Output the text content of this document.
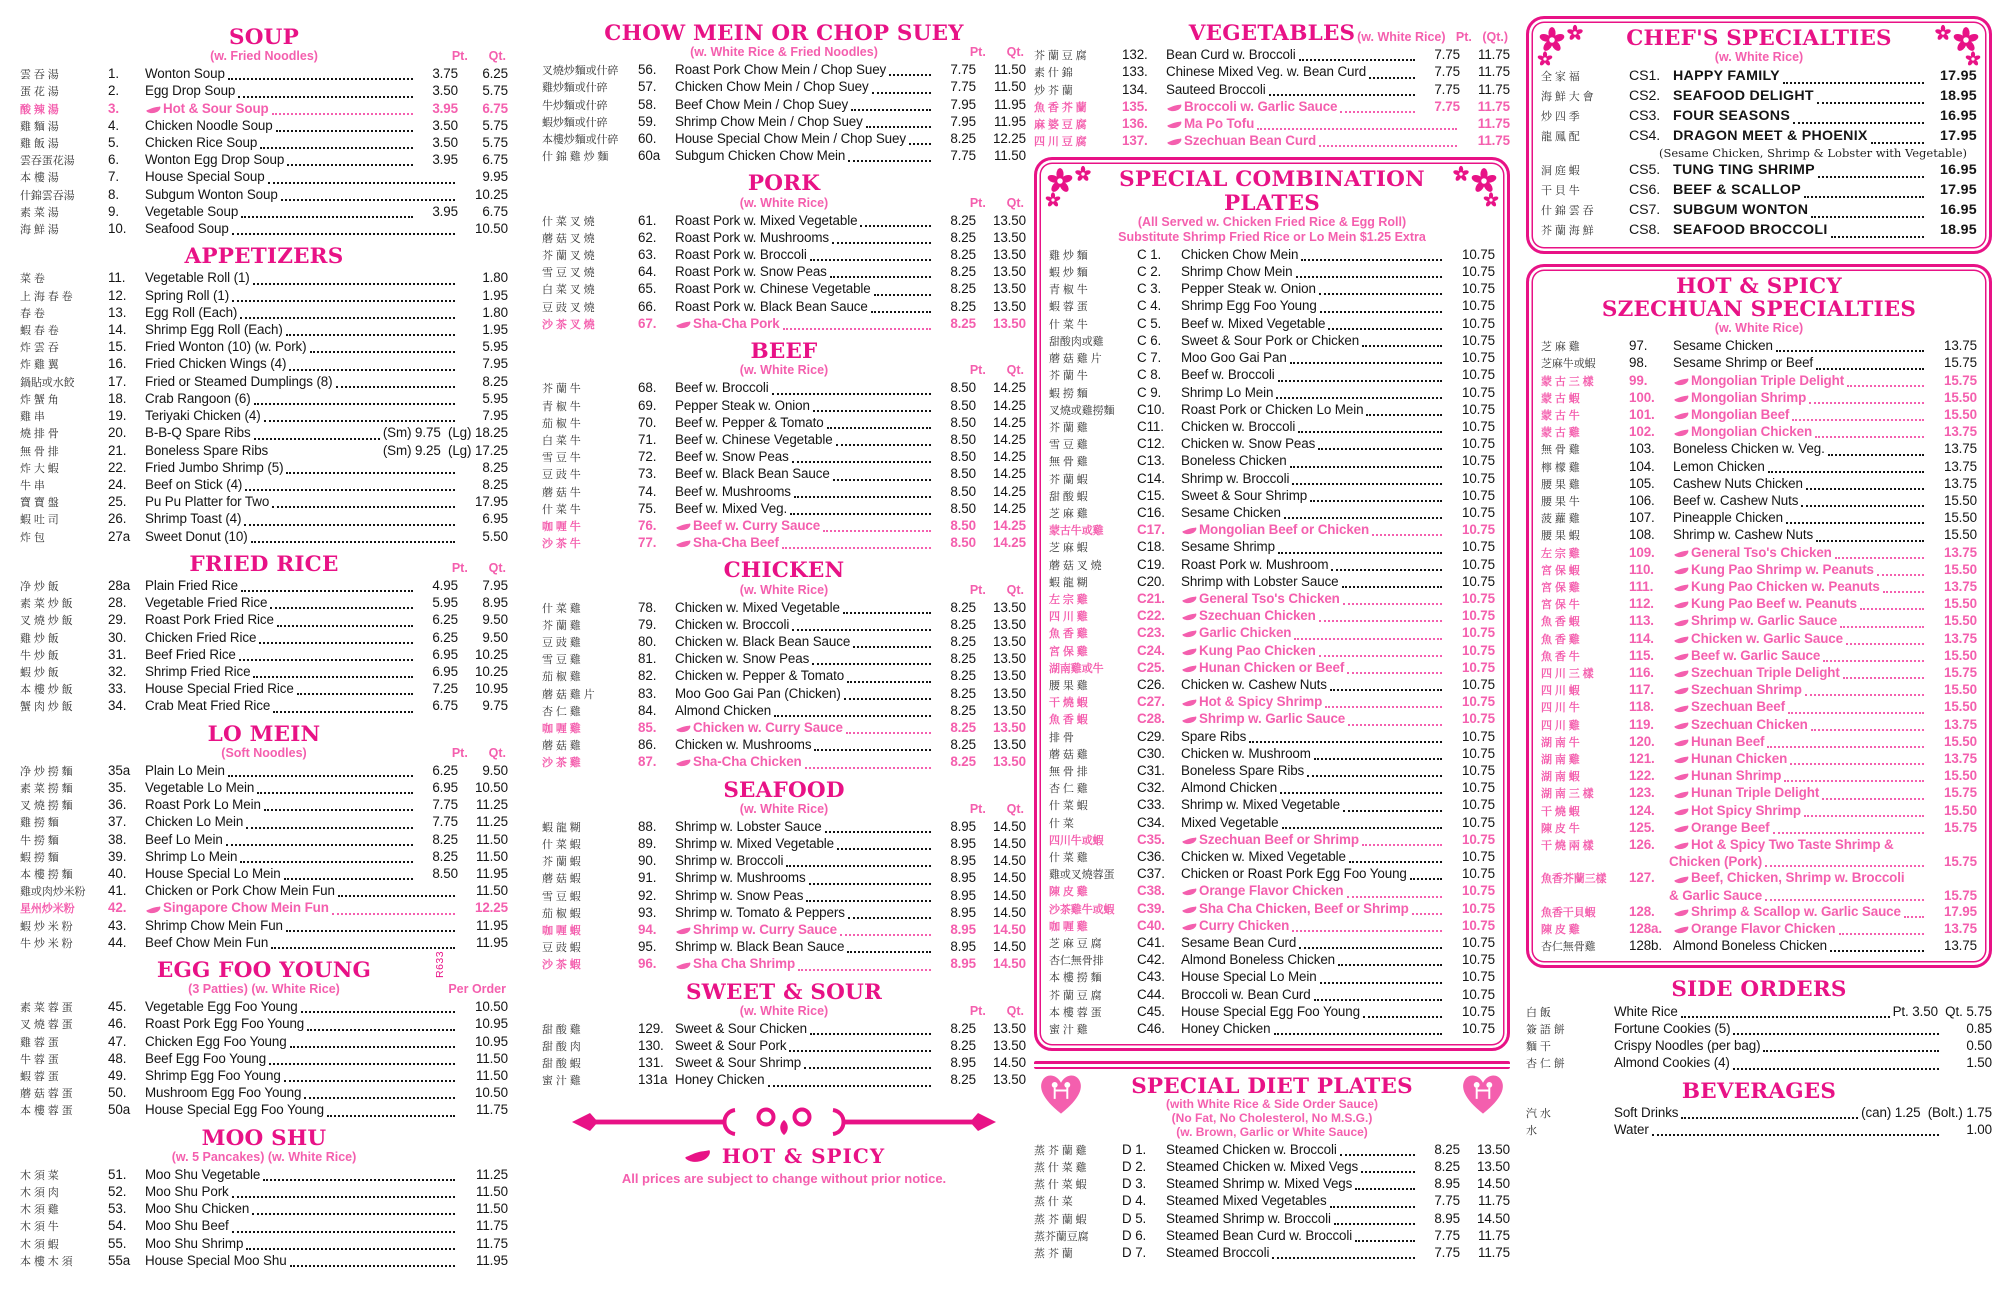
SOUP
(w. Fried Noodles)	Pt.      Qt.
雲 吞 湯	1.	Wonton Soup	3.75	6.25
蛋 花 湯	2.	Egg Drop Soup	3.50	5.75
酸 辣 湯	3.	Hot & Sour Soup	3.95	6.75
雞 麵 湯	4.	Chicken Noodle Soup	3.50	5.75
雞 飯 湯	5.	Chicken Rice Soup	3.50	5.75
雲吞蛋花湯	6.	Wonton Egg Drop Soup	3.95	6.75
本 樓 湯	7.	House Special Soup	9.95
什錦雲吞湯	8.	Subgum Wonton Soup	10.25
素 菜 湯	9.	Vegetable Soup	3.95	6.75
海 鮮 湯	10.	Seafood Soup	10.50
APPETIZERS
菜 卷	11.	Vegetable Roll (1)	1.80
上 海 春 卷	12.	Spring Roll (1)	1.95
春 卷	13.	Egg Roll (Each)	1.80
蝦 春 卷	14.	Shrimp Egg Roll (Each)	1.95
炸 雲 吞	15.	Fried Wonton (10) (w. Pork)	5.95
炸 雞 翼	16.	Fried Chicken Wings (4)	7.95
鍋貼或水餃	17.	Fried or Steamed Dumplings (8)	8.25
炸 蟹 角	18.	Crab Rangoon (6)	5.95
雞 串	19.	Teriyaki Chicken (4)	7.95
燒 排 骨	20.	B-B-Q Spare Ribs	(Sm) 9.75  (Lg) 18.25
無 骨 排	21.	Boneless Spare Ribs	(Sm) 9.25  (Lg) 17.25
炸 大 蝦	22.	Fried Jumbo Shrimp (5)	8.25
牛 串	24.	Beef on Stick (4)	8.25
寶 寶 盤	25.	Pu Pu Platter for Two	17.95
蝦 吐 司	26.	Shrimp Toast (4)	6.95
炸 包	27a	Sweet Donut (10)	5.50
FRIED RICE	Pt.      Qt.
净 炒 飯	28a	Plain Fried Rice	4.95	7.95
素 菜 炒 飯	28.	Vegetable Fried Rice	5.95	8.95
叉 燒 炒 飯	29.	Roast Pork Fried Rice	6.25	9.50
雞 炒 飯	30.	Chicken Fried Rice	6.25	9.50
牛 炒 飯	31.	Beef Fried Rice	6.95	10.25
蝦 炒 飯	32.	Shrimp Fried Rice	6.95	10.25
本 樓 炒 飯	33.	House Special Fried Rice	7.25	10.95
蟹 肉 炒 飯	34.	Crab Meat Fried Rice	6.75	9.75
LO MEIN
(Soft Noodles)	Pt.      Qt.
净 炒 撈 麵	35a	Plain Lo Mein	6.25	9.50
素 菜 撈 麵	35.	Vegetable Lo Mein	6.95	10.50
叉 燒 撈 麵	36.	Roast Pork Lo Mein	7.75	11.25
雞 撈 麵	37.	Chicken Lo Mein	7.75	11.25
牛 撈 麵	38.	Beef Lo Mein	8.25	11.50
蝦 撈 麵	39.	Shrimp Lo Mein	8.25	11.50
本 樓 撈 麵	40.	House Special Lo Mein	8.50	11.95
雞或肉炒米粉	41.	Chicken or Pork Chow Mein Fun	11.50
星州炒米粉	42.	Singapore Chow Mein Fun	12.25
蝦 炒 米 粉	43.	Shrimp Chow Mein Fun	11.95
牛 炒 米 粉	44.	Beef Chow Mein Fun	11.95
EGG FOO YOUNG
(3 Patties) (w. White Rice)	Per Order
素 菜 蓉 蛋	45.	Vegetable Egg Foo Young	10.50
叉 燒 蓉 蛋	46.	Roast Pork Egg Foo Young	10.95
雞 蓉 蛋	47.	Chicken Egg Foo Young	10.95
牛 蓉 蛋	48.	Beef Egg Foo Young	11.50
蝦 蓉 蛋	49.	Shrimp Egg Foo Young	11.50
蘑 菇 蓉 蛋	50.	Mushroom Egg Foo Young	10.50
本 樓 蓉 蛋	50a	House Special Egg Foo Young	11.75
MOO SHU
(w. 5 Pancakes) (w. White Rice)
木 須 菜	51.	Moo Shu Vegetable	11.25
木 須 肉	52.	Moo Shu Pork	11.50
木 須 雞	53.	Moo Shu Chicken	11.50
木 須 牛	54.	Moo Shu Beef	11.75
木 須 蝦	55.	Moo Shu Shrimp	11.75
本 樓 木 須	55a	House Special Moo Shu	11.95
CHOW MEIN OR CHOP SUEY
(w. White Rice & Fried Noodles)	Pt.      Qt.
叉燒炒麵或什碎	56.	Roast Pork Chow Mein / Chop Suey	7.75	11.50
雞炒麵或什碎	57.	Chicken Chow Mein / Chop Suey	7.75	11.50
牛炒麵或什碎	58.	Beef Chow Mein / Chop Suey	7.95	11.95
蝦炒麵或什碎	59.	Shrimp Chow Mein / Chop Suey	7.95	11.95
本樓炒麵或什碎	60.	House Special Chow Mein / Chop Suey	8.25	12.25
什 錦 雞 炒 麵	60a	Subgum Chicken Chow Mein	7.75	11.50
PORK
(w. White Rice)	Pt.      Qt.
什 菜 叉 燒	61.	Roast Pork w. Mixed Vegetable	8.25	13.50
蘑 菇 叉 燒	62.	Roast Pork w. Mushrooms	8.25	13.50
芥 蘭 叉 燒	63.	Roast Pork w. Broccoli	8.25	13.50
雪 豆 叉 燒	64.	Roast Pork w. Snow Peas	8.25	13.50
白 菜 叉 燒	65.	Roast Pork w. Chinese Vegetable	8.25	13.50
豆 豉 叉 燒	66.	Roast Pork w. Black Bean Sauce	8.25	13.50
沙 茶 叉 燒	67.	Sha-Cha Pork	8.25	13.50
BEEF
(w. White Rice)	Pt.      Qt.
芥 蘭 牛	68.	Beef w. Broccoli	8.50	14.25
青 椒 牛	69.	Pepper Steak w. Onion	8.50	14.25
茄 椒 牛	70.	Beef w. Pepper & Tomato	8.50	14.25
白 菜 牛	71.	Beef w. Chinese Vegetable	8.50	14.25
雪 豆 牛	72.	Beef w. Snow Peas	8.50	14.25
豆 豉 牛	73.	Beef w. Black Bean Sauce	8.50	14.25
蘑 菇 牛	74.	Beef w. Mushrooms	8.50	14.25
什 菜 牛	75.	Beef w. Mixed Veg.	8.50	14.25
咖 喱 牛	76.	Beef w. Curry Sauce	8.50	14.25
沙 茶 牛	77.	Sha-Cha Beef	8.50	14.25
CHICKEN
(w. White Rice)	Pt.      Qt.
什 菜 雞	78.	Chicken w. Mixed Vegetable	8.25	13.50
芥 蘭 雞	79.	Chicken w. Broccoli	8.25	13.50
豆 豉 雞	80.	Chicken w. Black Bean Sauce	8.25	13.50
雪 豆 雞	81.	Chicken w. Snow Peas	8.25	13.50
茄 椒 雞	82.	Chicken w. Pepper & Tomato	8.25	13.50
蘑 菇 雞 片	83.	Moo Goo Gai Pan (Chicken)	8.25	13.50
杏 仁 雞	84.	Almond Chicken	8.25	13.50
咖 喱 雞	85.	Chicken w. Curry Sauce	8.25	13.50
蘑 菇 雞	86.	Chicken w. Mushrooms	8.25	13.50
沙 茶 雞	87.	Sha-Cha Chicken	8.25	13.50
SEAFOOD
(w. White Rice)	Pt.      Qt.
蝦 龍 糊	88.	Shrimp w. Lobster Sauce	8.95	14.50
什 菜 蝦	89.	Shrimp w. Mixed Vegetable	8.95	14.50
芥 蘭 蝦	90.	Shrimp w. Broccoli	8.95	14.50
蘑 菇 蝦	91.	Shrimp w. Mushrooms	8.95	14.50
雪 豆 蝦	92.	Shrimp w. Snow Peas	8.95	14.50
茄 椒 蝦	93.	Shrimp w. Tomato & Peppers	8.95	14.50
咖 喱 蝦	94.	Shrimp w. Curry Sauce	8.95	14.50
豆 豉 蝦	95.	Shrimp w. Black Bean Sauce	8.95	14.50
沙 茶 蝦	96.	Sha Cha Shrimp	8.95	14.50
SWEET & SOUR
(w. White Rice)	Pt.      Qt.
甜 酸 雞	129. Sweet & Sour Chicken	8.25	13.50
甜 酸 肉	130. Sweet & Sour Pork	8.25	13.50
甜 酸 蝦	131. Sweet & Sour Shrimp	8.95	14.50
蜜 汁 雞	131a Honey Chicken	8.25	13.50
HOT & SPICY
All prices are subject to change without prior notice.
VEGETABLES (w. White Rice)   Pt.   (Qt.)
芥 蘭 豆 腐	132.	Bean Curd w. Broccoli	7.75	11.75
素 什 錦	133.	Chinese Mixed Veg. w. Bean Curd	7.75	11.75
炒 芥 蘭	134.	Sauteed Broccoli	7.75	11.75
魚 香 芥 蘭	135.	Broccoli w. Garlic Sauce	7.75	11.75
麻 婆 豆 腐	136.	Ma Po Tofu	11.75
四 川 豆 腐	137.	Szechuan Bean Curd	11.75
SPECIAL COMBINATION
PLATES
(All Served w. Chicken Fried Rice & Egg Roll)
Substitute Shrimp Fried Rice or Lo Mein $1.25 Extra
雞 炒 麵	C 1.	Chicken Chow Mein	10.75
蝦 炒 麵	C 2.	Shrimp Chow Mein	10.75
青 椒 牛	C 3.	Pepper Steak w. Onion	10.75
蝦 蓉 蛋	C 4.	Shrimp Egg Foo Young	10.75
什 菜 牛	C 5.	Beef w. Mixed Vegetable	10.75
甜酸肉或雞	C 6.	Sweet & Sour Pork or Chicken	10.75
蘑 菇 雞 片	C 7.	Moo Goo Gai Pan	10.75
芥 蘭 牛	C 8.	Beef w. Broccoli	10.75
蝦 撈 麵	C 9.	Shrimp Lo Mein	10.75
叉燒或雞撈麵	C10.	Roast Pork or Chicken Lo Mein	10.75
芥 蘭 雞	C11.	Chicken w. Broccoli	10.75
雪 豆 雞	C12.	Chicken w. Snow Peas	10.75
無 骨 雞	C13.	Boneless Chicken	10.75
芥 蘭 蝦	C14.	Shrimp w. Broccoli	10.75
甜 酸 蝦	C15.	Sweet & Sour Shrimp	10.75
芝 麻 雞	C16.	Sesame Chicken	10.75
蒙古牛或雞	C17.	Mongolian Beef or Chicken	10.75
芝 麻 蝦	C18.	Sesame Shrimp	10.75
蘑 菇 叉 燒	C19.	Roast Pork w. Mushroom	10.75
蝦 龍 糊	C20.	Shrimp with Lobster Sauce	10.75
左 宗 雞	C21.	General Tso's Chicken	10.75
四 川 雞	C22.	Szechuan Chicken	10.75
魚 香 雞	C23.	Garlic Chicken	10.75
宮 保 雞	C24.	Kung Pao Chicken	10.75
湖南雞或牛	C25.	Hunan Chicken or Beef	10.75
腰 果 雞	C26.	Chicken w. Cashew Nuts	10.75
干 燒 蝦	C27.	Hot & Spicy Shrimp	10.75
魚 香 蝦	C28.	Shrimp w. Garlic Sauce	10.75
排 骨	C29.	Spare Ribs	10.75
蘑 菇 雞	C30.	Chicken w. Mushroom	10.75
無 骨 排	C31.	Boneless Spare Ribs	10.75
杏 仁 雞	C32.	Almond Chicken	10.75
什 菜 蝦	C33.	Shrimp w. Mixed Vegetable	10.75
什 菜	C34.	Mixed Vegetable	10.75
四川牛或蝦	C35.	Szechuan Beef or Shrimp	10.75
什 菜 雞	C36.	Chicken w. Mixed Vegetable	10.75
雞或叉燒蓉蛋	C37.	Chicken or Roast Pork Egg Foo Young	10.75
陳 皮 雞	C38.	Orange Flavor Chicken	10.75
沙茶雞牛或蝦	C39.	Sha Cha Chicken, Beef or Shrimp	10.75
咖 喱 雞	C40.	Curry Chicken	10.75
芝 麻 豆 腐	C41.	Sesame Bean Curd	10.75
杏仁無骨排	C42.	Almond Boneless Chicken	10.75
本 樓 撈 麵	C43.	House Special Lo Mein	10.75
芥 蘭 豆 腐	C44.	Broccoli w. Bean Curd	10.75
本 樓 蓉 蛋	C45.	House Special Egg Foo Young	10.75
蜜 汁 雞	C46.	Honey Chicken	10.75
SPECIAL DIET PLATES
(with White Rice & Side Order Sauce)
(No Fat, No Cholesterol, No M.S.G.)
(w. Brown, Garlic or White Sauce)
蒸 芥 蘭 雞	D 1.	Steamed Chicken w. Broccoli	8.25	13.50
蒸 什 菜 雞	D 2.	Steamed Chicken w. Mixed Vegs	8.25	13.50
蒸 什 菜 蝦	D 3.	Steamed Shrimp w. Mixed Vegs	8.95	14.50
蒸 什 菜	D 4.	Steamed Mixed Vegetables	7.75	11.75
蒸 芥 蘭 蝦	D 5.	Steamed Shrimp w. Broccoli	8.95	14.50
蒸芥蘭豆腐	D 6.	Steamed Bean Curd w. Broccoli	7.75	11.75
蒸 芥 蘭	D 7.	Steamed Broccoli	7.75	11.75
CHEF'S SPECIALTIES
(w. White Rice)
全 家 福	CS1. HAPPY FAMILY	17.95
海 鮮 大 會	CS2. SEAFOOD DELIGHT	18.95
炒 四 季	CS3. FOUR SEASONS	16.95
龍 鳳 配	CS4. DRAGON MEET & PHOENIX	17.95
(Sesame Chicken, Shrimp & Lobster with Vegetable)
洞 庭 蝦	CS5. TUNG TING SHRIMP	16.95
干 貝 牛	CS6. BEEF & SCALLOP	17.95
什 錦 雲 吞	CS7. SUBGUM WONTON	16.95
芥 蘭 海 鮮	CS8. SEAFOOD BROCCOLI	18.95
HOT & SPICY
SZECHUAN SPECIALTIES
(w. White Rice)
芝 麻 雞	97.	Sesame Chicken	13.75
芝麻牛或蝦	98.	Sesame Shrimp or Beef	15.75
蒙 古 三 樣	99.	Mongolian Triple Delight	15.75
蒙 古 蝦	100.	Mongolian Shrimp	15.50
蒙 古 牛	101.	Mongolian Beef	15.50
蒙 古 雞	102.	Mongolian Chicken	13.75
無 骨 雞	103.	Boneless Chicken w. Veg.	13.75
檸 檬 雞	104.	Lemon Chicken	13.75
腰 果 雞	105.	Cashew Nuts Chicken	13.75
腰 果 牛	106.	Beef w. Cashew Nuts	15.50
菠 蘿 雞	107.	Pineapple Chicken	15.50
腰 果 蝦	108.	Shrimp w. Cashew Nuts	15.50
左 宗 雞	109.	General Tso's Chicken	13.75
宮 保 蝦	110.	Kung Pao Shrimp w. Peanuts	15.50
宮 保 雞	111.	Kung Pao Chicken w. Peanuts	13.75
宮 保 牛	112.	Kung Pao Beef w. Peanuts	15.50
魚 香 蝦	113.	Shrimp w. Garlic Sauce	15.50
魚 香 雞	114.	Chicken w. Garlic Sauce	13.75
魚 香 牛	115.	Beef w. Garlic Sauce	15.50
四 川 三 樣	116.	Szechuan Triple Delight	15.75
四 川 蝦	117.	Szechuan Shrimp	15.50
四 川 牛	118.	Szechuan Beef	15.50
四 川 雞	119.	Szechuan Chicken	13.75
湖 南 牛	120.	Hunan Beef	15.50
湖 南 雞	121.	Hunan Chicken	13.75
湖 南 蝦	122.	Hunan Shrimp	15.50
湖 南 三 樣	123.	Hunan Triple Delight	15.75
干 燒 蝦	124.	Hot Spicy Shrimp	15.50
陳 皮 牛	125.	Orange Beef	15.75
干 燒 兩 樣	126.	Hot & Spicy Two Taste Shrimp &
Chicken (Pork)	15.75
魚香芥蘭三樣	127.	Beef, Chicken, Shrimp w. Broccoli
& Garlic Sauce	15.75
魚香干貝蝦	128.	Shrimp & Scallop w. Garlic Sauce	17.95
陳 皮 雞	128a.	Orange Flavor Chicken	13.75
杏仁無骨雞	128b. Almond Boneless Chicken	13.75
SIDE ORDERS
白 飯	White Rice	Pt. 3.50  Qt. 5.75
簽 語 餅	Fortune Cookies (5)	0.85
麵 干	Crispy Noodles (per bag)	0.50
杏 仁 餅	Almond Cookies (4)	1.50
BEVERAGES
汽 水	Soft Drinks	(can) 1.25  (Bolt.) 1.75
水	Water	1.00
R633
